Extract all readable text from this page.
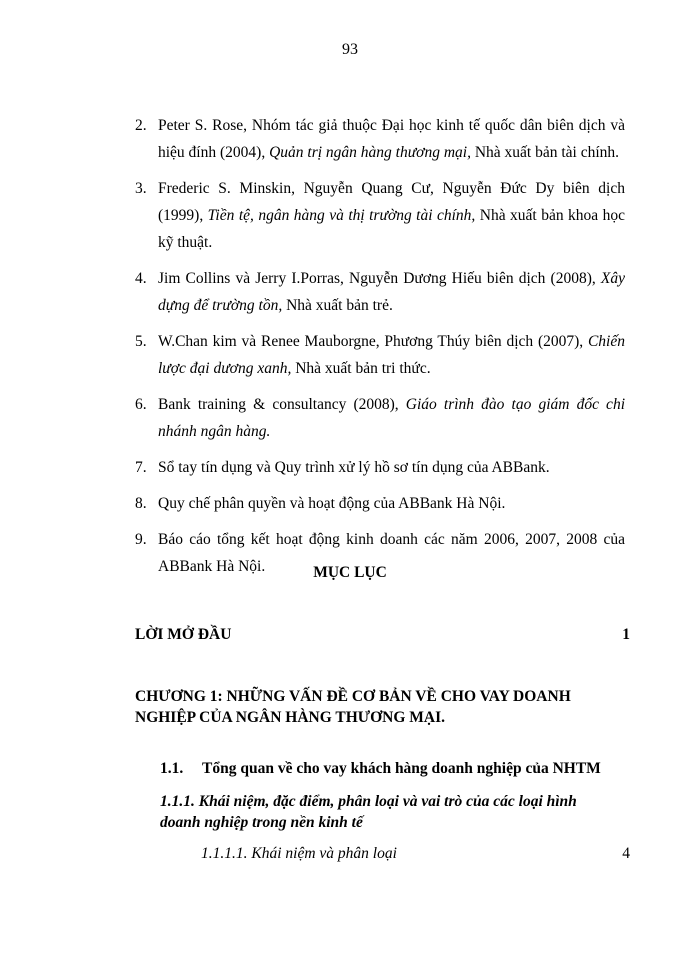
93
2. Peter S. Rose, Nhóm tác giả thuộc Đại học kinh tế quốc dân biên dịch và hiệu đính (2004), Quản trị ngân hàng thương mại, Nhà xuất bản tài chính.
3. Frederic S. Minskin, Nguyễn Quang Cư, Nguyễn Đức Dy biên dịch (1999), Tiền tệ, ngân hàng và thị trường tài chính, Nhà xuất bản khoa học kỹ thuật.
4. Jim Collins và Jerry I.Porras, Nguyễn Dương Hiếu biên dịch (2008), Xây dựng để trường tồn, Nhà xuất bản trẻ.
5. W.Chan kim và Renee Mauborgne, Phương Thúy biên dịch (2007), Chiến lược đại dương xanh, Nhà xuất bản tri thức.
6. Bank training & consultancy (2008), Giáo trình đào tạo giám đốc chi nhánh ngân hàng.
7. Sổ tay tín dụng và Quy trình xử lý hồ sơ tín dụng của ABBank.
8. Quy chế phân quyền và hoạt động của ABBank Hà Nội.
9. Báo cáo tổng kết hoạt động kinh doanh các năm 2006, 2007, 2008 của ABBank Hà Nội.	MỤC LỤC
LỜI MỞ ĐẦU	1
CHƯƠNG 1: NHỮNG VẤN ĐỀ CƠ BẢN VỀ CHO VAY DOANH
NGHIỆP CỦA NGÂN HÀNG THƯƠNG MẠI.
1.1. Tổng quan về cho vay khách hàng doanh nghiệp của NHTM
1.1.1. Khái niệm, đặc điểm, phân loại và vai trò của các loại hình
doanh nghiệp trong nền kinh tế
1.1.1.1. Khái niệm và phân loại	4
